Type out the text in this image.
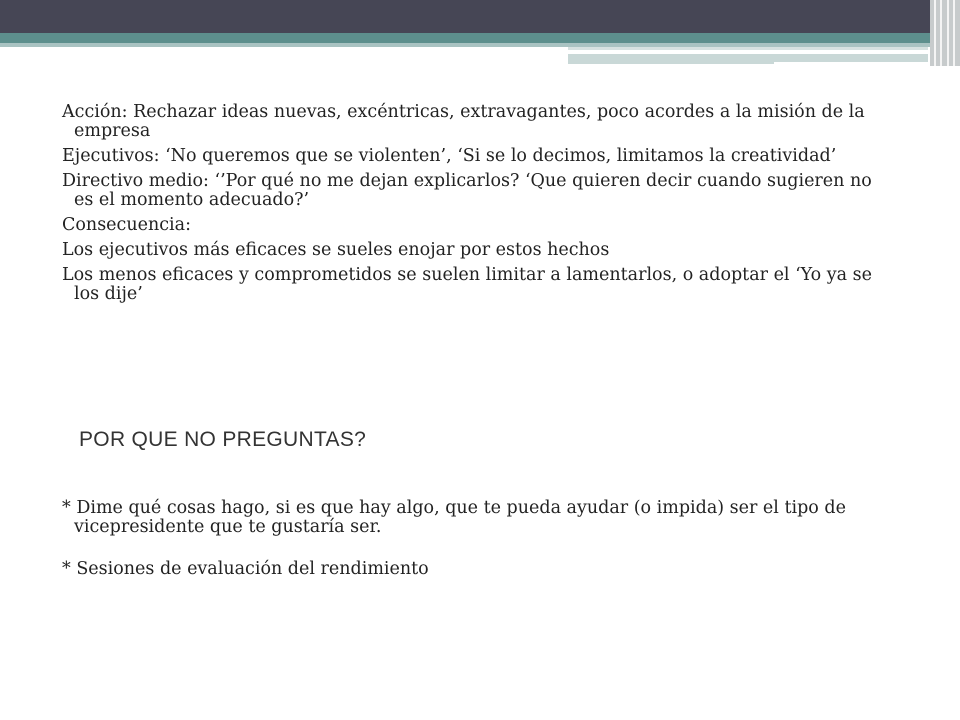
Acción: Rechazar ideas nuevas, excéntricas, extravagantes, poco acordes a la misión de la empresa

Ejecutivos: ‘No queremos que se violenten’, ‘Si se lo decimos, limitamos la creatividad’

Directivo medio: ‘’Por qué no me dejan explicarlos? ‘Que quieren decir cuando sugieren no es el momento adecuado?’

Consecuencia:

Los ejecutivos más eficaces se sueles enojar por estos hechos

Los menos eficaces y comprometidos se suelen limitar a lamentarlos, o adoptar el ‘Yo ya se los dije’

POR QUE NO PREGUNTAS?

* Dime qué cosas hago, si es que hay algo, que te pueda ayudar (o impida) ser el tipo de vicepresidente que te gustaría ser.

* Sesiones de evaluación del rendimiento
